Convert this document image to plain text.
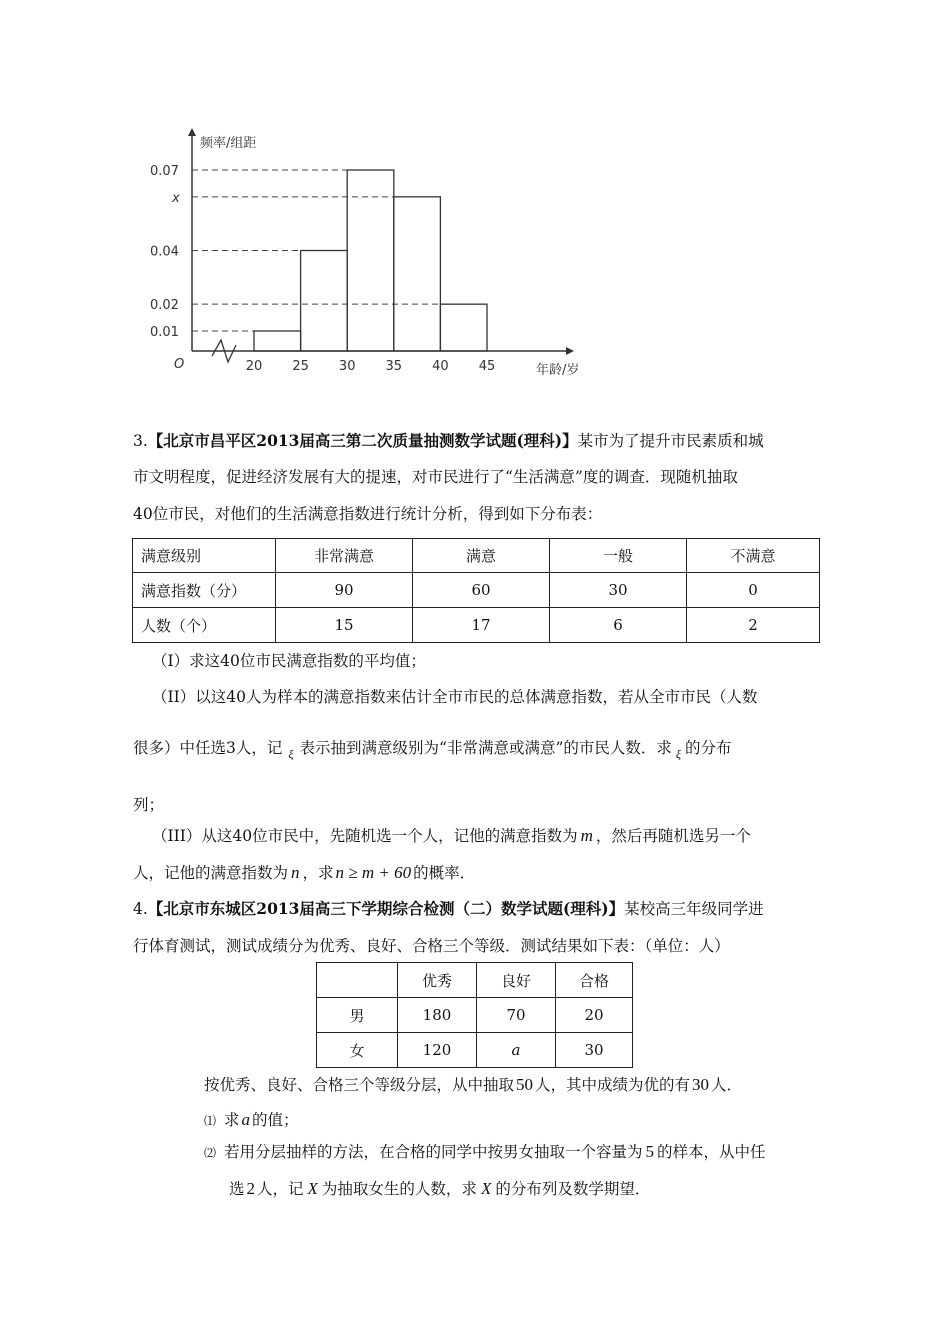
频率/组距
年龄/岁
O
0.01
0.02
0.04
x
0.07
20 25 30 35 40 45
3.【北京市昌平区2013届高三第二次质量抽测数学试题(理科)】某市为了提升市民素质和城
市文明程度，促进经济发展有大的提速，对市民进行了“生活满意”度的调查．现随机抽取
40位市民，对他们的生活满意指数进行统计分析，得到如下分布表：
满意级别	非常满意	满意	一般	不满意
满意指数（分）	90	60	30	0
人数（个）	15	17	6	2
（I）求这40位市民满意指数的平均值；
（II）以这40人为样本的满意指数来估计全市市民的总体满意指数，若从全市市民（人数
很多）中任选3人，记 $_\xi$ 表示抽到满意级别为“非常满意或满意”的市民人数．求 $_\xi$ 的分布
列；
（III）从这40位市民中，先随机选一个人，记他的满意指数为 m ，然后再随机选另一个
人，记他的满意指数为 n ，求 n ≥ m + 60 的概率．
4.【北京市东城区2013届高三下学期综合检测（二）数学试题(理科)】某校高三年级同学进
行体育测试，测试成绩分为优秀、良好、合格三个等级．测试结果如下表：（单位：人）
	优秀	良好	合格
男	180	70	20
女	120	a	30
按优秀、良好、合格三个等级分层，从中抽取 50 人，其中成绩为优的有 30 人．
⑴ 求 a 的值；
⑵ 若用分层抽样的方法，在合格的同学中按男女抽取一个容量为 5 的样本，从中任
选 2 人，记 X 为抽取女生的人数，求 X 的分布列及数学期望．
